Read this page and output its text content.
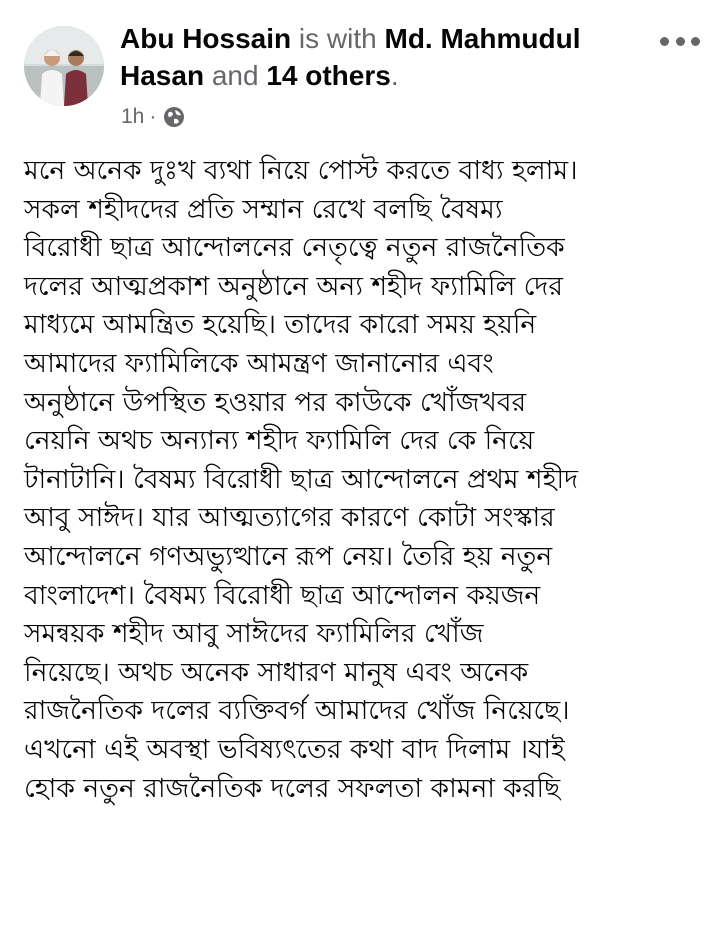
Abu Hossain is with Md. Mahmudul Hasan and 14 others.
1h ·
মনে অনেক দুঃখ ব্যথা নিয়ে পোস্ট করতে বাধ্য হলাম।
সকল শহীদদের প্রতি সম্মান রেখে বলছি বৈষম্য
বিরোধী ছাত্র আন্দোলনের নেতৃত্বে নতুন রাজনৈতিক
দলের আত্মপ্রকাশ অনুষ্ঠানে অন্য শহীদ ফ্যামিলি দের
মাধ্যমে আমন্ত্রিত হয়েছি। তাদের কারো সময় হয়নি
আমাদের ফ্যামিলিকে আমন্ত্রণ জানানোর এবং
অনুষ্ঠানে উপস্থিত হওয়ার পর কাউকে খোঁজখবর
নেয়নি অথচ অন্যান্য শহীদ ফ্যামিলি দের কে নিয়ে
টানাটানি। বৈষম্য বিরোধী ছাত্র আন্দোলনে প্রথম শহীদ
আবু সাঈদ। যার আত্মত্যাগের কারণে কোটা সংস্কার
আন্দোলনে গণঅভ্যুত্থানে রূপ নেয়। তৈরি হয় নতুন
বাংলাদেশ। বৈষম্য বিরোধী ছাত্র আন্দোলন কয়জন
সমন্বয়ক শহীদ আবু সাঈদের ফ্যামিলির খোঁজ
নিয়েছে। অথচ অনেক সাধারণ মানুষ এবং অনেক
রাজনৈতিক দলের ব্যক্তিবর্গ আমাদের খোঁজ নিয়েছে।
এখনো এই অবস্থা ভবিষ্যৎতের কথা বাদ দিলাম ।যাই
হোক নতুন রাজনৈতিক দলের সফলতা কামনা করছি
